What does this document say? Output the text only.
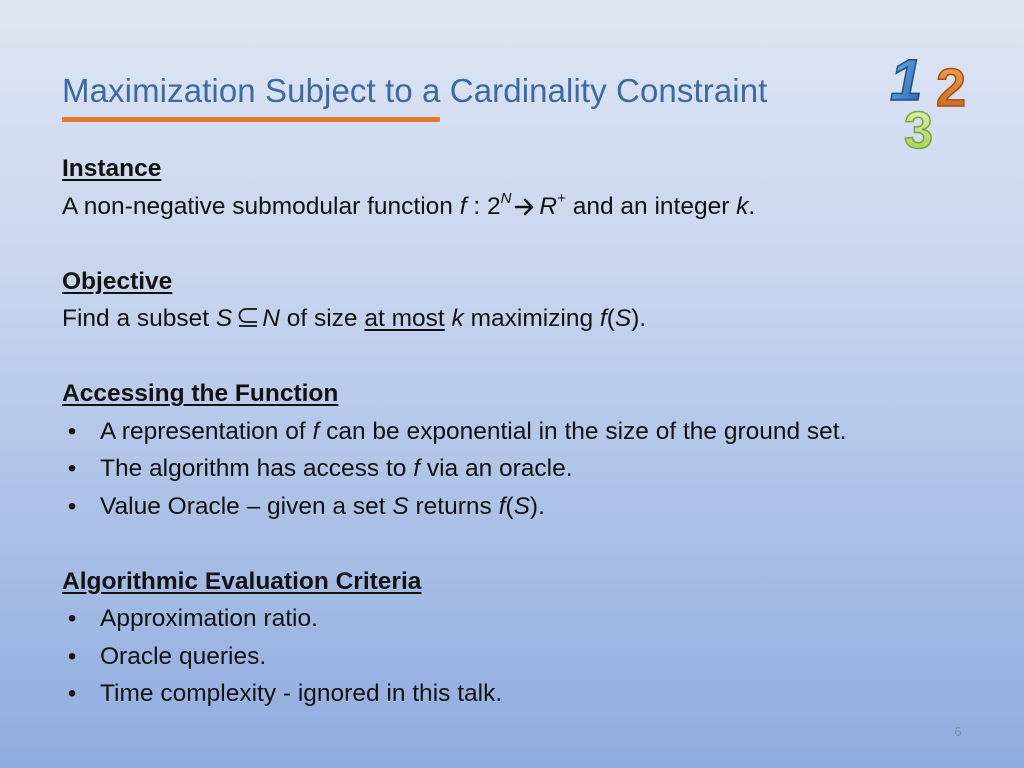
Maximization Subject to a Cardinality Constraint 1 2
3
Instance
A non-negative submodular function f : $2^N$ R+ and an integer k.
Objective
Find a subset S N of size at most k maximizing f(S).
Accessing the Function
• A representation of f can be exponential in the size of the ground set.
• The algorithm has access to f via an oracle.
• Value Oracle – given a set S returns f(S).
Algorithmic Evaluation Criteria
• Approximation ratio.
• Oracle queries.
• Time complexity - ignored in this talk.
6
